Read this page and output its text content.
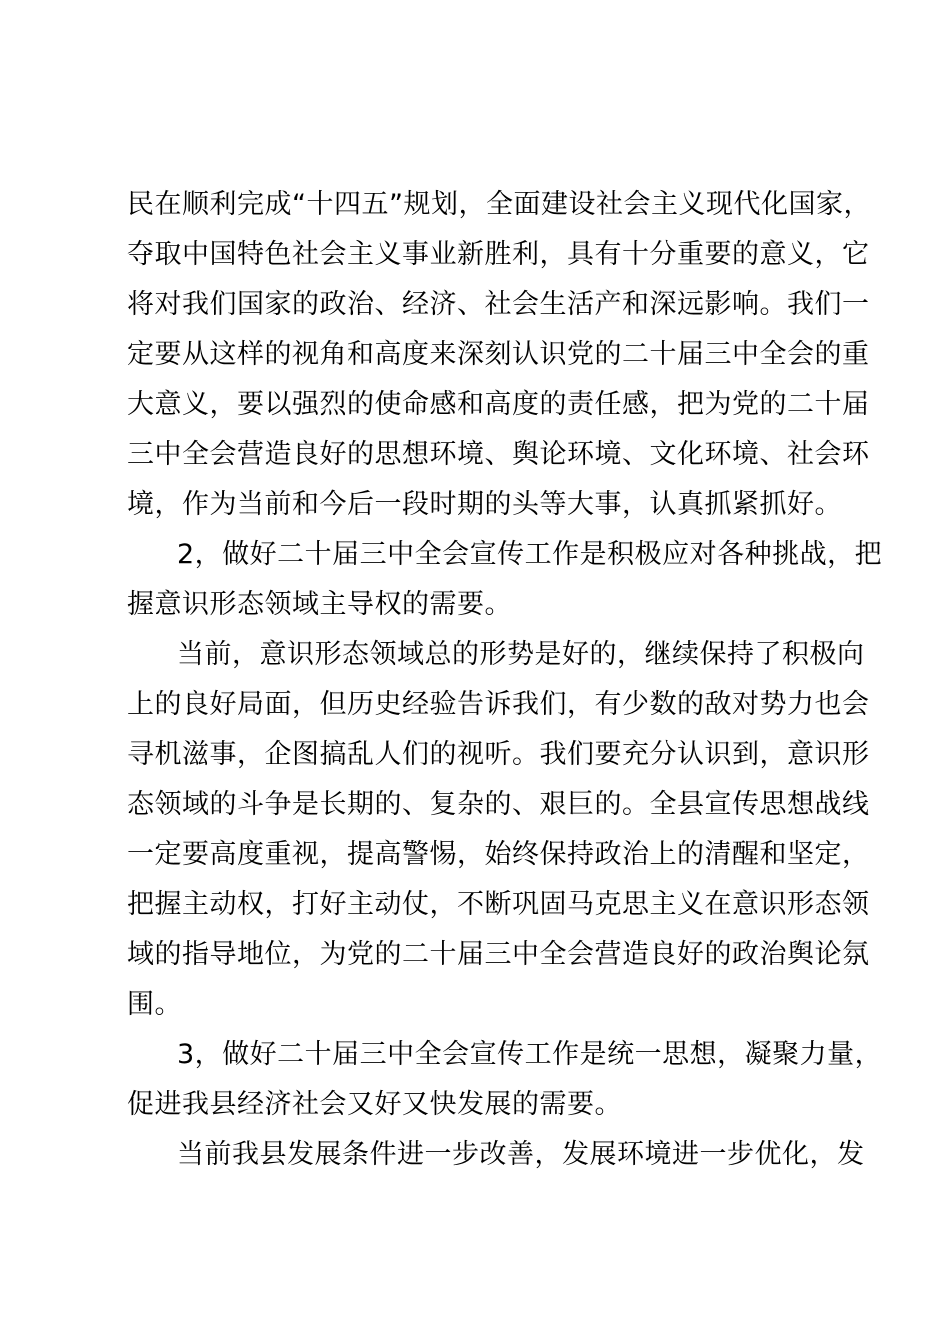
民在顺利完成“十四五”规划，全面建设社会主义现代化国家，
夺取中国特色社会主义事业新胜利，具有十分重要的意义，它
将对我们国家的政治、经济、社会生活产和深远影响。我们一
定要从这样的视角和高度来深刻认识党的二十届三中全会的重
大意义，要以强烈的使命感和高度的责任感，把为党的二十届
三中全会营造良好的思想环境、舆论环境、文化环境、社会环
境，作为当前和今后一段时期的头等大事，认真抓紧抓好。

2，做好二十届三中全会宣传工作是积极应对各种挑战，把
握意识形态领域主导权的需要。

当前，意识形态领域总的形势是好的，继续保持了积极向
上的良好局面，但历史经验告诉我们，有少数的敌对势力也会
寻机滋事，企图搞乱人们的视听。我们要充分认识到，意识形
态领域的斗争是长期的、复杂的、艰巨的。全县宣传思想战线
一定要高度重视，提高警惕，始终保持政治上的清醒和坚定，
把握主动权，打好主动仗，不断巩固马克思主义在意识形态领
域的指导地位，为党的二十届三中全会营造良好的政治舆论氛
围。

3，做好二十届三中全会宣传工作是统一思想，凝聚力量，
促进我县经济社会又好又快发展的需要。

当前我县发展条件进一步改善，发展环境进一步优化，发
